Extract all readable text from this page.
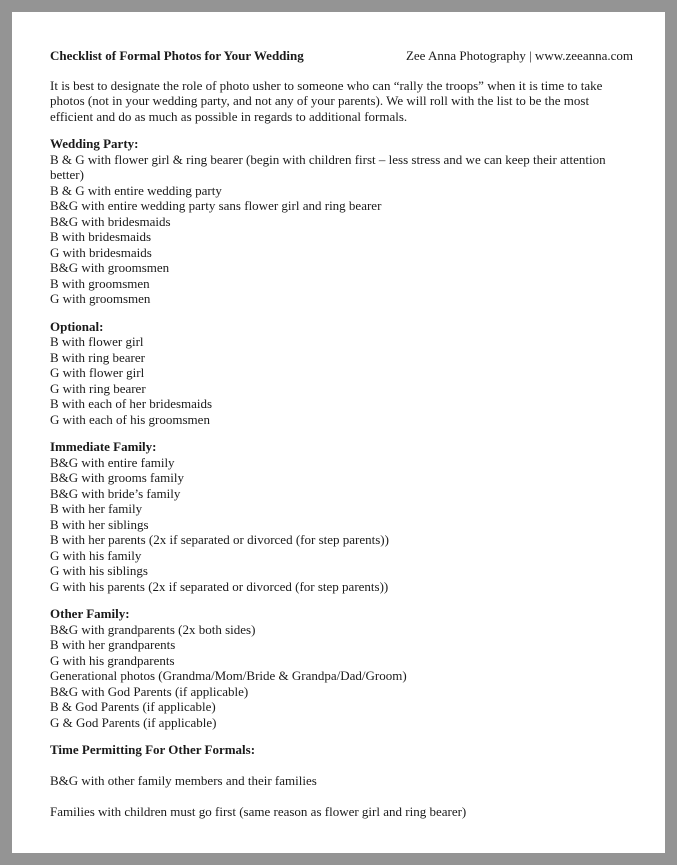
Checklist of Formal Photos for Your Wedding	Zee Anna Photography | www.zeeanna.com

It is best to designate the role of photo usher to someone who can “rally the troops” when it is time to take photos (not in your wedding party, and not any of your parents). We will roll with the list to be the most efficient and do as much as possible in regards to additional formals.

Wedding Party:
B & G with flower girl & ring bearer (begin with children first – less stress and we can keep their attention better)
B & G with entire wedding party
B&G with entire wedding party sans flower girl and ring bearer
B&G with bridesmaids
B with bridesmaids
G with bridesmaids
B&G with groomsmen
B with groomsmen
G with groomsmen
Optional:
B with flower girl
B with ring bearer
G with flower girl
G with ring bearer
B with each of her bridesmaids
G with each of his groomsmen
Immediate Family:
B&G with entire family
B&G with grooms family
B&G with bride’s family
B with her family
B with her siblings
B with her parents (2x if separated or divorced (for step parents))
G with his family
G with his siblings
G with his parents (2x if separated or divorced (for step parents))
Other Family:
B&G with grandparents (2x both sides)
B with her grandparents
G with his grandparents
Generational photos (Grandma/Mom/Bride & Grandpa/Dad/Groom)
B&G with God Parents (if applicable)
B & God Parents (if applicable)
G & God Parents (if applicable)
Time Permitting For Other Formals:
B&G with other family members and their families
Families with children must go first (same reason as flower girl and ring bearer)
